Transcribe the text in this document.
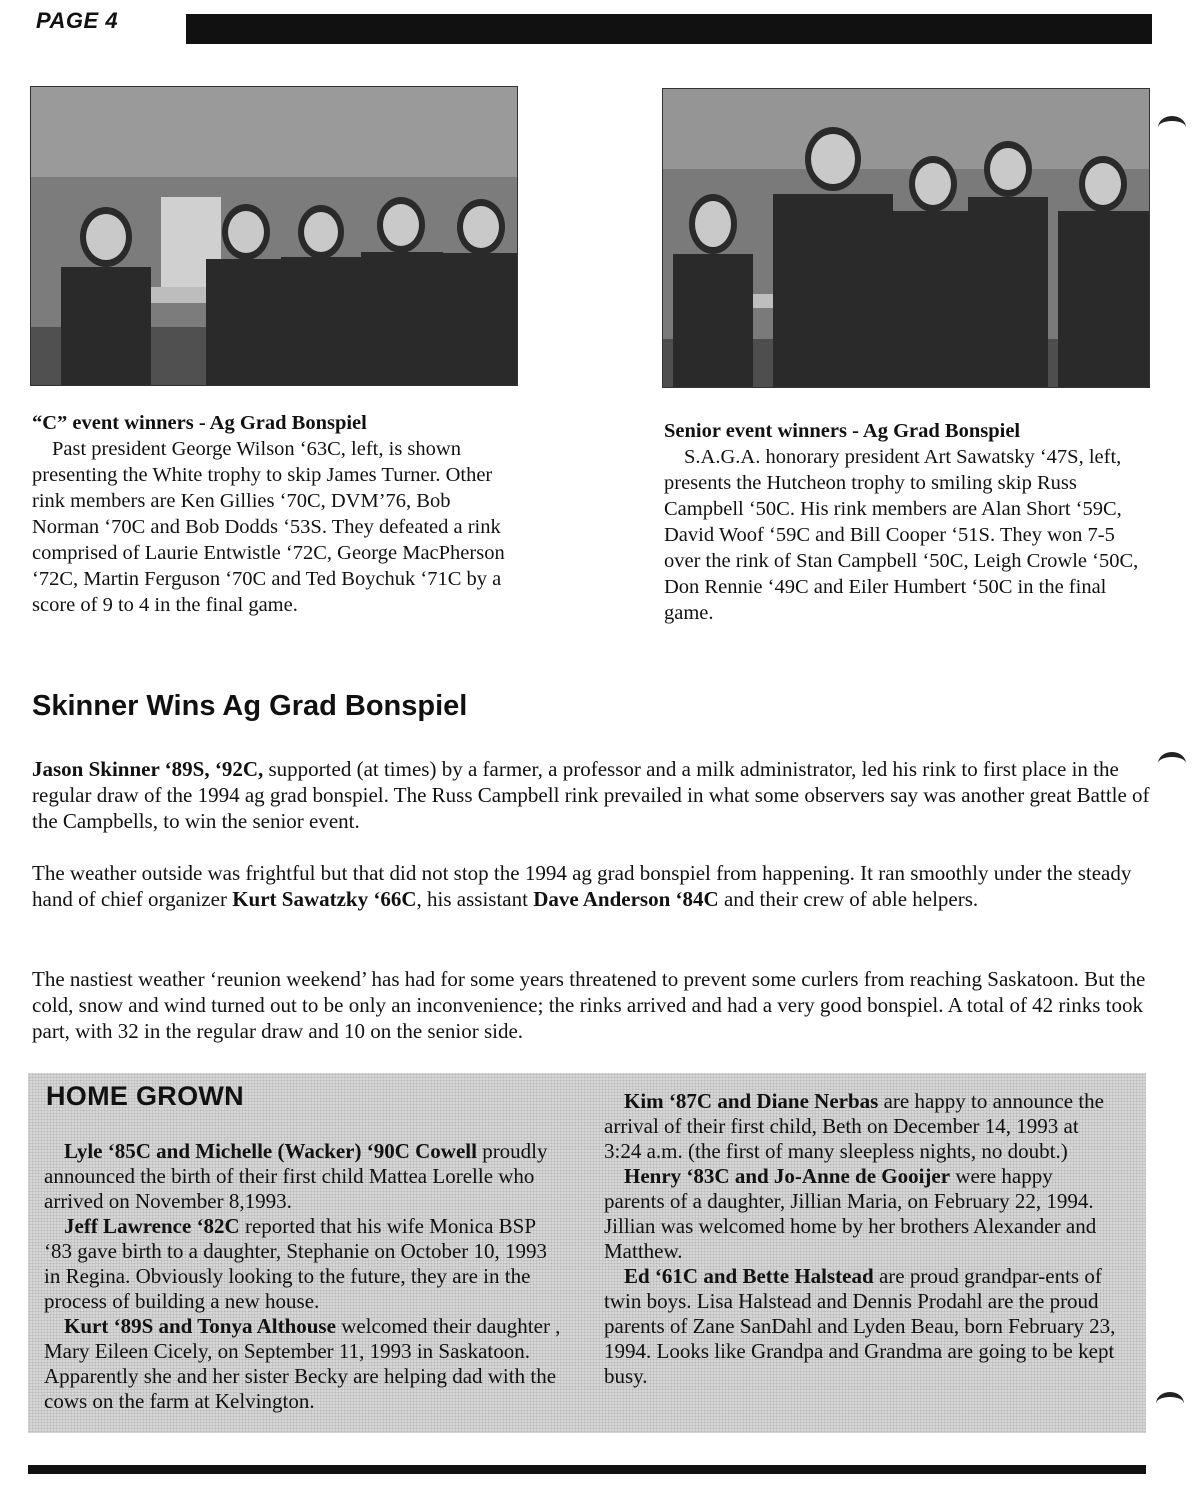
PAGE 4
“C” event winners - Ag Grad Bonspiel
Past president George Wilson ‘63C, left, is shown presenting the White trophy to skip James Turner. Other rink members are Ken Gillies ‘70C, DVM’76, Bob Norman ‘70C and Bob Dodds ‘53S. They defeated a rink comprised of Laurie Entwistle ‘72C, George MacPherson ‘72C, Martin Ferguson ‘70C and Ted Boychuk ‘71C by a score of 9 to 4 in the final game.
Senior event winners - Ag Grad Bonspiel
S.A.G.A. honorary president Art Sawatsky ‘47S, left, presents the Hutcheon trophy to smiling skip Russ Campbell ‘50C. His rink members are Alan Short ‘59C, David Woof ‘59C and Bill Cooper ‘51S. They won 7-5 over the rink of Stan Campbell ‘50C, Leigh Crowle ‘50C, Don Rennie ‘49C and Eiler Humbert ‘50C in the final game.
Skinner Wins Ag Grad Bonspiel

Jason Skinner ‘89S, ‘92C, supported (at times) by a farmer, a professor and a milk administrator, led his rink to first place in the regular draw of the 1994 ag grad bonspiel. The Russ Campbell rink prevailed in what some observers say was another great Battle of the Campbells, to win the senior event.

The weather outside was frightful but that did not stop the 1994 ag grad bonspiel from happening. It ran smoothly under the steady hand of chief organizer Kurt Sawatzky ‘66C, his assistant Dave Anderson ‘84C and their crew of able helpers.

The nastiest weather ‘reunion weekend’ has had for some years threatened to prevent some curlers from reaching Saskatoon. But the cold, snow and wind turned out to be only an inconvenience; the rinks arrived and had a very good bonspiel. A total of 42 rinks took part, with 32 in the regular draw and 10 on the senior side.

HOME GROWN

Lyle ‘85C and Michelle (Wacker) ‘90C Cowell proudly announced the birth of their first child Mattea Lorelle who arrived on November 8,1993.

Jeff Lawrence ‘82C reported that his wife Monica BSP ‘83 gave birth to a daughter, Stephanie on October 10, 1993 in Regina. Obviously looking to the future, they are in the process of building a new house.

Kurt ‘89S and Tonya Althouse welcomed their daughter , Mary Eileen Cicely, on September 11, 1993 in Saskatoon. Apparently she and her sister Becky are helping dad with the cows on the farm at Kelvington.

Kim ‘87C and Diane Nerbas are happy to announce the arrival of their first child, Beth on December 14, 1993 at 3:24 a.m. (the first of many sleepless nights, no doubt.)

Henry ‘83C and Jo-Anne de Gooijer were happy parents of a daughter, Jillian Maria, on February 22, 1994. Jillian was welcomed home by her brothers Alexander and Matthew.

Ed ‘61C and Bette Halstead are proud grandpar-ents of twin boys. Lisa Halstead and Dennis Prodahl are the proud parents of Zane SanDahl and Lyden Beau, born February 23, 1994. Looks like Grandpa and Grandma are going to be kept busy.
